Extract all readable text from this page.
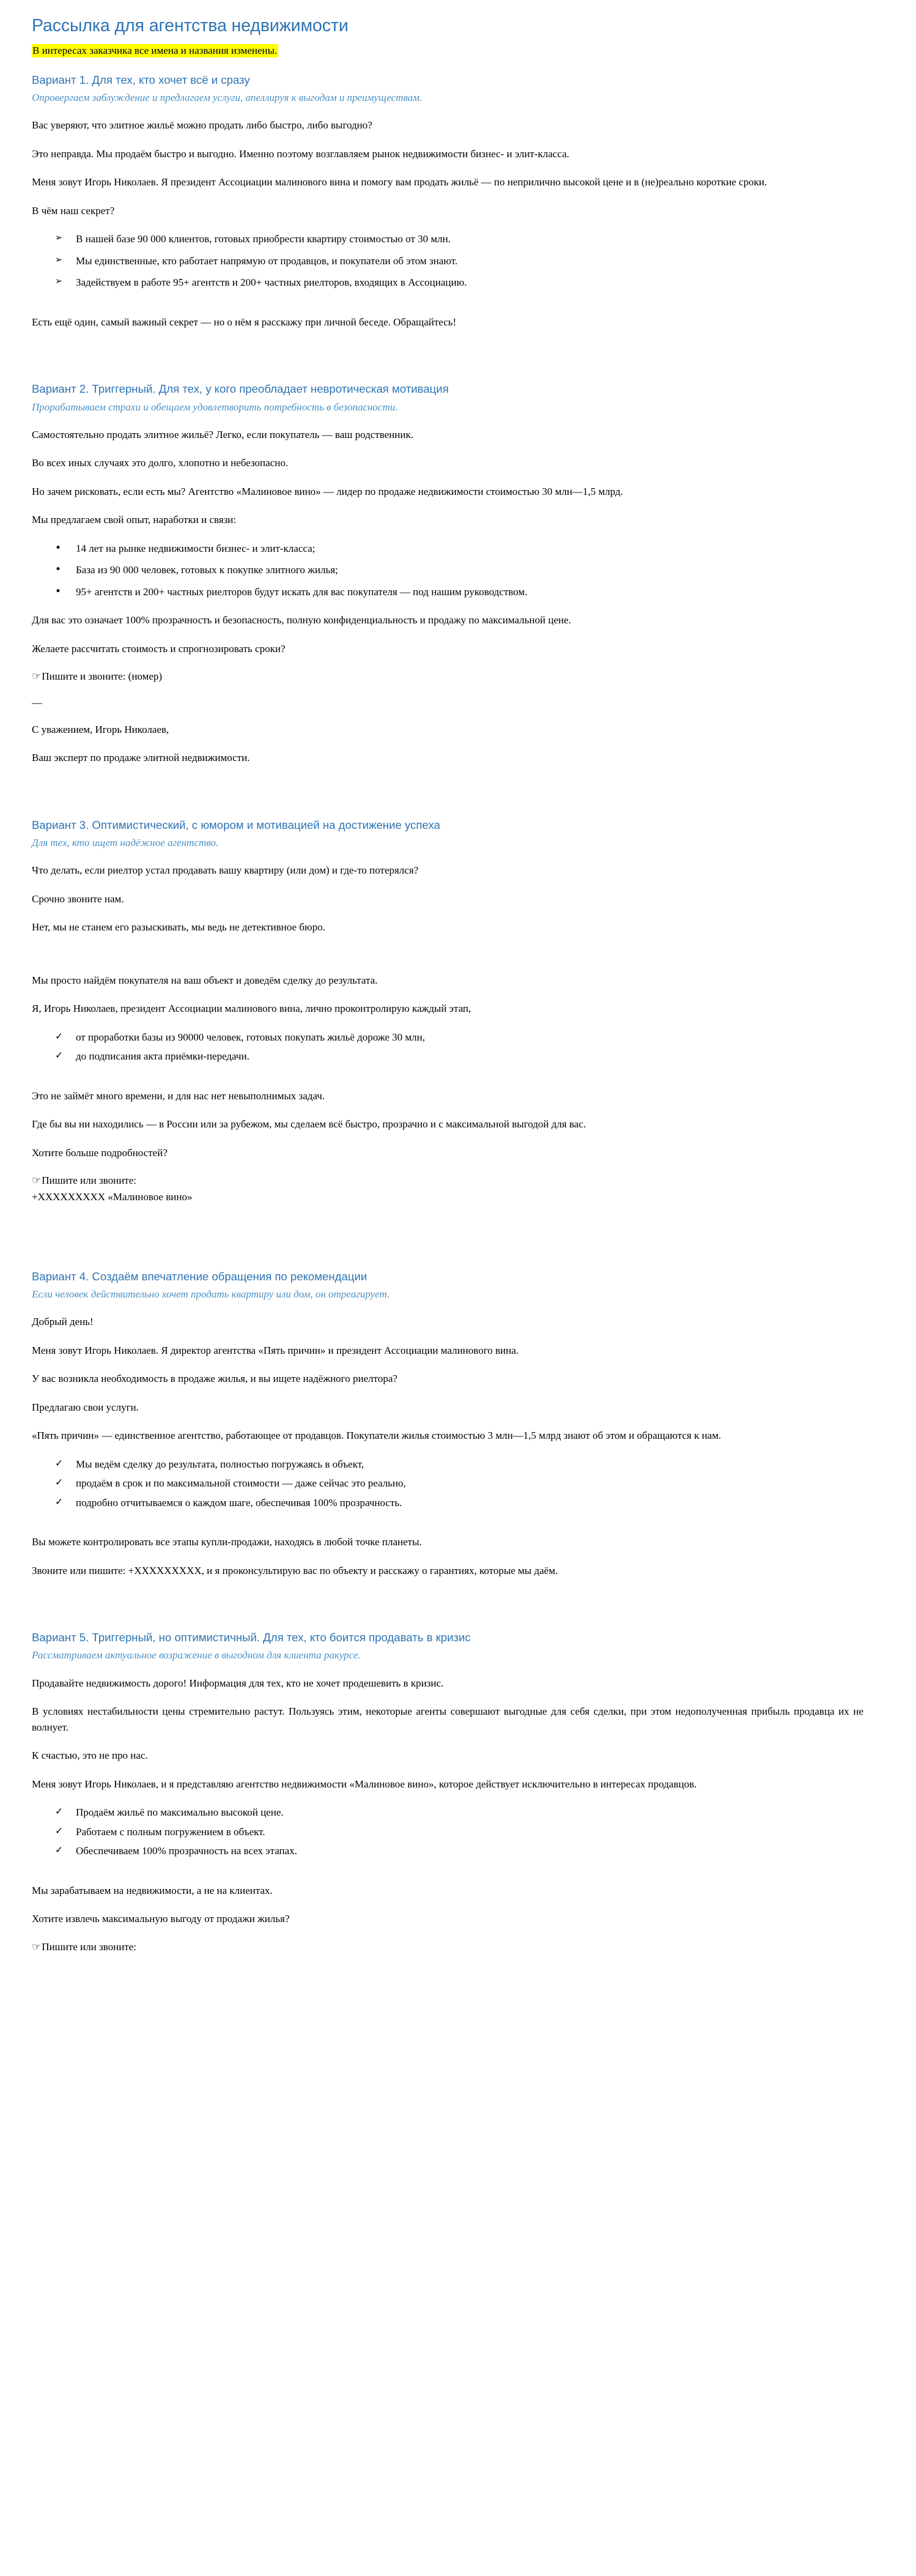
Рассылка для агентства недвижимости

В интересах заказчика все имена и названия изменены.

Вариант 1. Для тех, кто хочет всё и сразу

Опровергаем заблуждение и предлагаем услуги, апеллируя к выгодам и преимуществам.

Вас уверяют, что элитное жильё можно продать либо быстро, либо выгодно?

Это неправда. Мы продаём быстро и выгодно. Именно поэтому возглавляем рынок недвижимости бизнес- и элит-класса.

Меня зовут Игорь Николаев. Я президент Ассоциации малинового вина и помогу вам продать жильё — по неприлично высокой цене и в (не)реально короткие сроки.

В чём наш секрет?

➢	В нашей базе 90 000 клиентов, готовых приобрести квартиру стоимостью от 30 млн.
➢	Мы единственные, кто работает напрямую от продавцов, и покупатели об этом знают.
➢	Задействуем в работе 95+ агентств и 200+ частных риелторов, входящих в Ассоциацию.

Есть ещё один, самый важный секрет — но о нём я расскажу при личной беседе. Обращайтесь!

Вариант 2. Триггерный. Для тех, у кого преобладает невротическая мотивация

Прорабатываем страхи и обещаем удовлетворить потребность в безопасности.

Самостоятельно продать элитное жильё? Легко, если покупатель — ваш родственник.

Во всех иных случаях это долго, хлопотно и небезопасно.

Но зачем рисковать, если есть мы? Агентство «Малиновое вино» — лидер по продаже недвижимости стоимостью 30 млн—1,5 млрд.

Мы предлагаем свой опыт, наработки и связи:

•	14 лет на рынке недвижимости бизнес- и элит-класса;
•	База из 90 000 человек, готовых к покупке элитного жилья;
•	95+ агентств и 200+ частных риелторов будут искать для вас покупателя — под нашим руководством.

Для вас это означает 100% прозрачность и безопасность, полную конфиденциальность и продажу по максимальной цене.

Желаете рассчитать стоимость и спрогнозировать сроки?

☞Пишите и звоните: (номер)

—

С уважением, Игорь Николаев,

Ваш эксперт по продаже элитной недвижимости.

Вариант 3. Оптимистический, с юмором и мотивацией на достижение успеха

Для тех, кто ищет надёжное агентство.

Что делать, если риелтор устал продавать вашу квартиру (или дом) и где-то потерялся?

Срочно звоните нам.

Нет, мы не станем его разыскивать, мы ведь не детективное бюро.

Мы просто найдём покупателя на ваш объект и доведём сделку до результата.

Я, Игорь Николаев, президент Ассоциации малинового вина, лично проконтролирую каждый этап,

✓	от проработки базы из 90000 человек, готовых покупать жильё дороже 30 млн,
✓	до подписания акта приёмки-передачи.

Это не займёт много времени, и для нас нет невыполнимых задач.

Где бы вы ни находились — в России или за рубежом, мы сделаем всё быстро, прозрачно и с максимальной выгодой для вас.

Хотите больше подробностей?

☞Пишите или звоните:

+XXXXXXXXX «Малиновое вино»

Вариант 4. Создаём впечатление обращения по рекомендации

Если человек действительно хочет продать квартиру или дом, он отреагирует.

Добрый день!

Меня зовут Игорь Николаев. Я директор агентства «Пять причин» и президент Ассоциации малинового вина.

У вас возникла необходимость в продаже жилья, и вы ищете надёжного риелтора?

Предлагаю свои услуги.

«Пять причин» — единственное агентство, работающее от продавцов. Покупатели жилья стоимостью 3 млн—1,5 млрд знают об этом и обращаются к нам.

✓	Мы ведём сделку до результата, полностью погружаясь в объект,
✓	продаём в срок и по максимальной стоимости — даже сейчас это реально,
✓	подробно отчитываемся о каждом шаге, обеспечивая 100% прозрачность.

Вы можете контролировать все этапы купли-продажи, находясь в любой точке планеты.

Звоните или пишите: +XXXXXXXXX, и я проконсультирую вас по объекту и расскажу о гарантиях, которые мы даём.

Вариант 5. Триггерный, но оптимистичный. Для тех, кто боится продавать в кризис

Рассматриваем актуальное возражение в выгодном для клиента ракурсе.

Продавайте недвижимость дорого! Информация для тех, кто не хочет продешевить в кризис.

В условиях нестабильности цены стремительно растут. Пользуясь этим, некоторые агенты совершают выгодные для себя сделки, при этом недополученная прибыль продавца их не волнует.

К счастью, это не про нас.

Меня зовут Игорь Николаев, и я представляю агентство недвижимости «Малиновое вино», которое действует исключительно в интересах продавцов.

✓	Продаём жильё по максимально высокой цене.
✓	Работаем с полным погружением в объект.
✓	Обеспечиваем 100% прозрачность на всех этапах.

Мы зарабатываем на недвижимости, а не на клиентах.

Хотите извлечь максимальную выгоду от продажи жилья?

☞Пишите или звоните:
